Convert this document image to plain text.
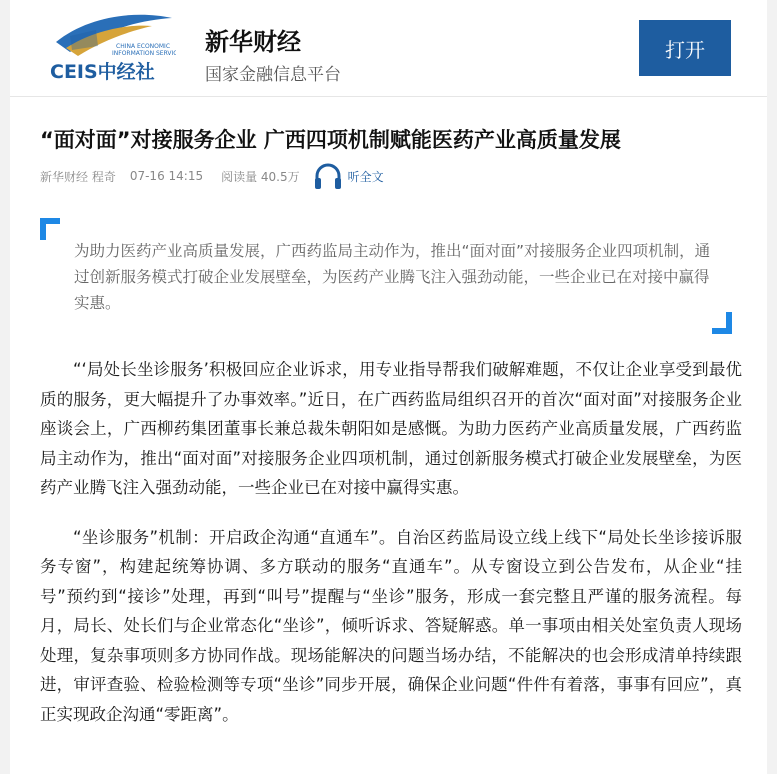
CHINA ECONOMIC
INFORMATION SERVICE
CEIS中经社
新华财经
国家金融信息平台
打开
“面对面”对接服务企业 广西四项机制赋能医药产业高质量发展
新华财经 程奇 07-16 14:15 阅读量 40.5万	听全文
为助力医药产业高质量发展，广西药监局主动作为，推出“面对面”对接服务企业四项机制，通过创新服务模式打破企业发展壁垒，为医药产业腾飞注入强劲动能，一些企业已在对接中赢得实惠。

“‘局处长坐诊服务’积极回应企业诉求，用专业指导帮我们破解难题，不仅让企业享受到最优质的服务，更大幅提升了办事效率。”近日，在广西药监局组织召开的首次“面对面”对接服务企业座谈会上，广西柳药集团董事长兼总裁朱朝阳如是感慨。为助力医药产业高质量发展，广西药监局主动作为，推出“面对面”对接服务企业四项机制，通过创新服务模式打破企业发展壁垒，为医药产业腾飞注入强劲动能，一些企业已在对接中赢得实惠。

“坐诊服务”机制：开启政企沟通“直通车”。自治区药监局设立线上线下“局处长坐诊接诉服务专窗”，构建起统筹协调、多方联动的服务“直通车”。从专窗设立到公告发布，从企业“挂号”预约到“接诊”处理，再到“叫号”提醒与“坐诊”服务，形成一套完整且严谨的服务流程。每月，局长、处长们与企业常态化“坐诊”，倾听诉求、答疑解惑。单一事项由相关处室负责人现场处理，复杂事项则多方协同作战。现场能解决的问题当场办结，不能解决的也会形成清单持续跟进，审评查验、检验检测等专项“坐诊”同步开展，确保企业问题“件件有着落，事事有回应”，真正实现政企沟通“零距离”。
